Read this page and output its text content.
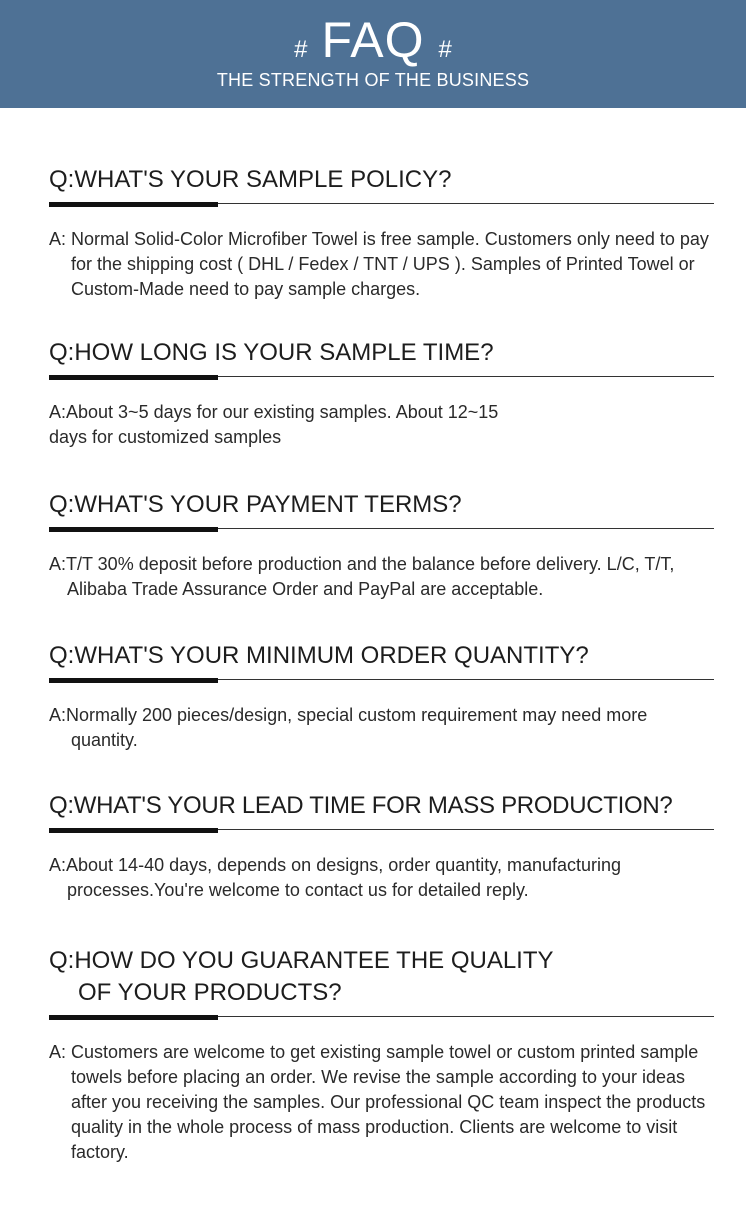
# FAQ #
THE STRENGTH OF THE BUSINESS
Q:WHAT'S YOUR SAMPLE POLICY?
A: Normal Solid-Color Microfiber Towel is free sample. Customers only need to pay for the shipping cost ( DHL / Fedex / TNT / UPS ). Samples of Printed Towel or Custom-Made need to pay sample charges.
Q:HOW LONG IS YOUR SAMPLE TIME?
A:About 3~5 days for our existing samples. About 12~15
days for customized samples
Q:WHAT'S YOUR PAYMENT TERMS?
A:T/T 30% deposit before production and the balance before delivery. L/C, T/T, Alibaba Trade Assurance Order and PayPal are acceptable.
Q:WHAT'S YOUR MINIMUM ORDER QUANTITY?
A:Normally 200 pieces/design, special custom requirement may need more quantity.
Q:WHAT'S YOUR LEAD TIME FOR MASS PRODUCTION?
A:About 14-40 days, depends on designs, order quantity, manufacturing processes.You're welcome to contact us for detailed reply.
Q:HOW DO YOU GUARANTEE THE QUALITY
OF YOUR PRODUCTS?
A: Customers are welcome to get existing sample towel or custom printed sample towels before placing an order. We revise the sample according to your ideas after you receiving the samples. Our professional QC team inspect the products quality in the whole process of mass production. Clients are welcome to visit factory.
